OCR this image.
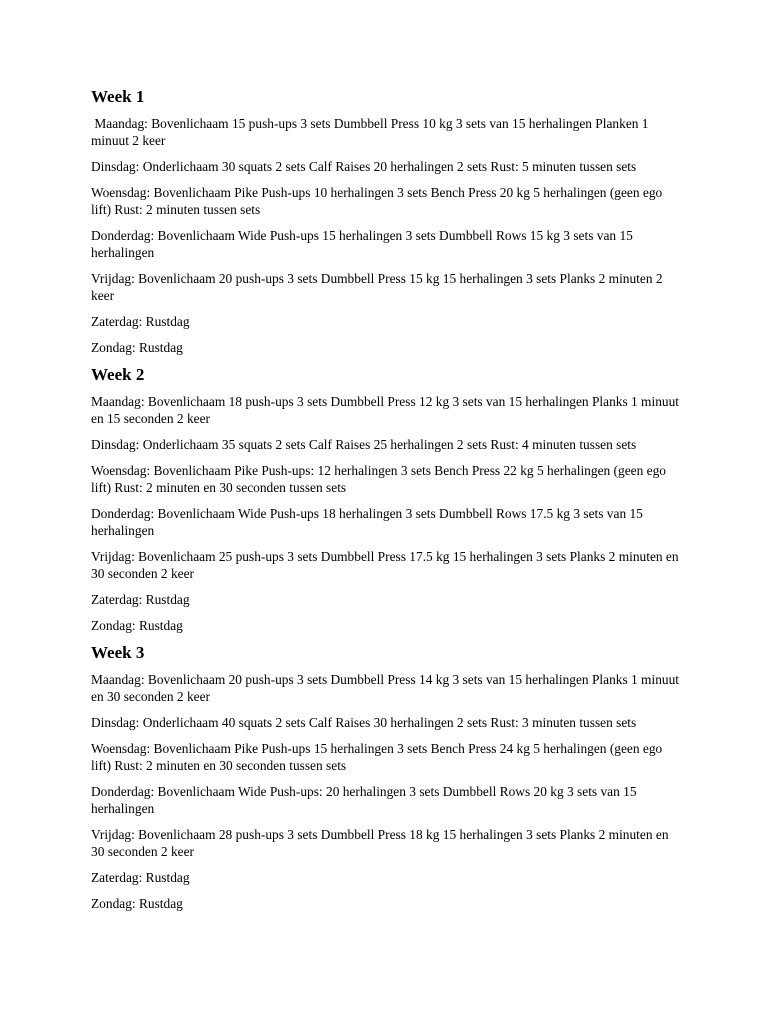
Week 1

Maandag: Bovenlichaam 15 push-ups 3 sets Dumbbell Press 10 kg 3 sets van 15 herhalingen Planken 1 minuut 2 keer

Dinsdag: Onderlichaam 30 squats 2 sets Calf Raises 20 herhalingen 2 sets Rust: 5 minuten tussen sets

Woensdag: Bovenlichaam Pike Push-ups 10 herhalingen 3 sets Bench Press 20 kg 5 herhalingen (geen ego lift) Rust: 2 minuten tussen sets

Donderdag: Bovenlichaam Wide Push-ups 15 herhalingen 3 sets Dumbbell Rows 15 kg 3 sets van 15 herhalingen

Vrijdag: Bovenlichaam 20 push-ups 3 sets Dumbbell Press 15 kg 15 herhalingen 3 sets Planks 2 minuten 2 keer

Zaterdag: Rustdag

Zondag: Rustdag

Week 2

Maandag: Bovenlichaam 18 push-ups 3 sets Dumbbell Press 12 kg 3 sets van 15 herhalingen Planks 1 minuut en 15 seconden 2 keer

Dinsdag: Onderlichaam 35 squats 2 sets Calf Raises 25 herhalingen 2 sets Rust: 4 minuten tussen sets

Woensdag: Bovenlichaam Pike Push-ups: 12 herhalingen 3 sets Bench Press 22 kg 5 herhalingen (geen ego lift) Rust: 2 minuten en 30 seconden tussen sets

Donderdag: Bovenlichaam Wide Push-ups 18 herhalingen 3 sets Dumbbell Rows 17.5 kg 3 sets van 15 herhalingen

Vrijdag: Bovenlichaam 25 push-ups 3 sets Dumbbell Press 17.5 kg 15 herhalingen 3 sets Planks 2 minuten en 30 seconden 2 keer

Zaterdag: Rustdag

Zondag: Rustdag

Week 3

Maandag: Bovenlichaam 20 push-ups 3 sets Dumbbell Press 14 kg 3 sets van 15 herhalingen Planks 1 minuut en 30 seconden 2 keer

Dinsdag: Onderlichaam 40 squats 2 sets Calf Raises 30 herhalingen 2 sets Rust: 3 minuten tussen sets

Woensdag: Bovenlichaam Pike Push-ups 15 herhalingen 3 sets Bench Press 24 kg 5 herhalingen (geen ego lift) Rust: 2 minuten en 30 seconden tussen sets

Donderdag: Bovenlichaam Wide Push-ups: 20 herhalingen 3 sets Dumbbell Rows 20 kg 3 sets van 15 herhalingen

Vrijdag: Bovenlichaam 28 push-ups 3 sets Dumbbell Press 18 kg 15 herhalingen 3 sets Planks 2 minuten en 30 seconden 2 keer

Zaterdag: Rustdag

Zondag: Rustdag
